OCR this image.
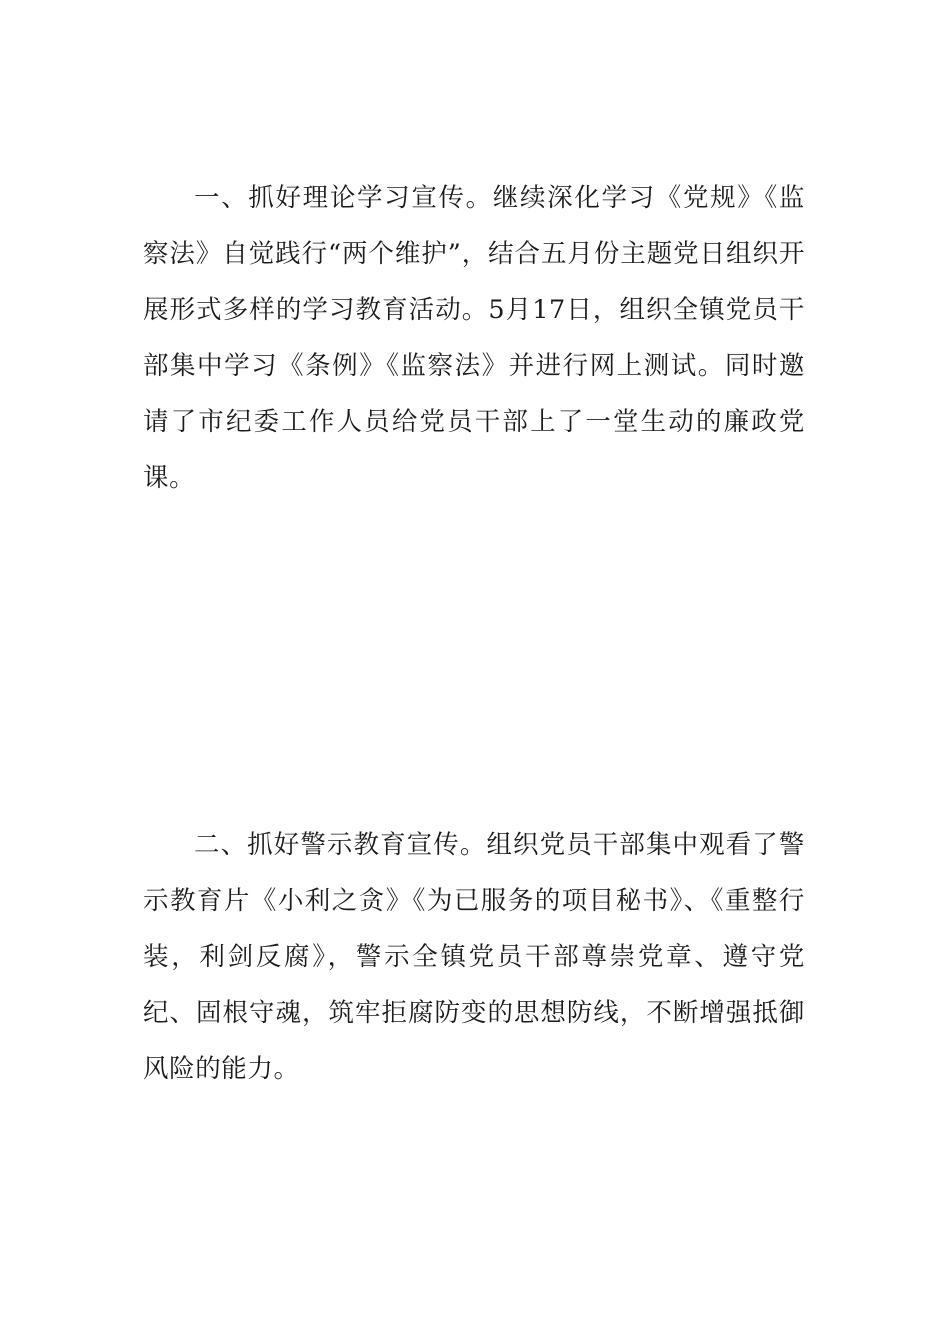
一、抓好理论学习宣传。继续深化学习《党规》《监察法》自觉践行“两个维护”，结合五月份主题党日组织开展形式多样的学习教育活动。5月17日，组织全镇党员干部集中学习《条例》《监察法》并进行网上测试。同时邀请了市纪委工作人员给党员干部上了一堂生动的廉政党课。

二、抓好警示教育宣传。组织党员干部集中观看了警示教育片《小利之贪》《为已服务的项目秘书》、《重整行装，利剑反腐》，警示全镇党员干部尊崇党章、遵守党纪、固根守魂，筑牢拒腐防变的思想防线，不断增强抵御风险的能力。
